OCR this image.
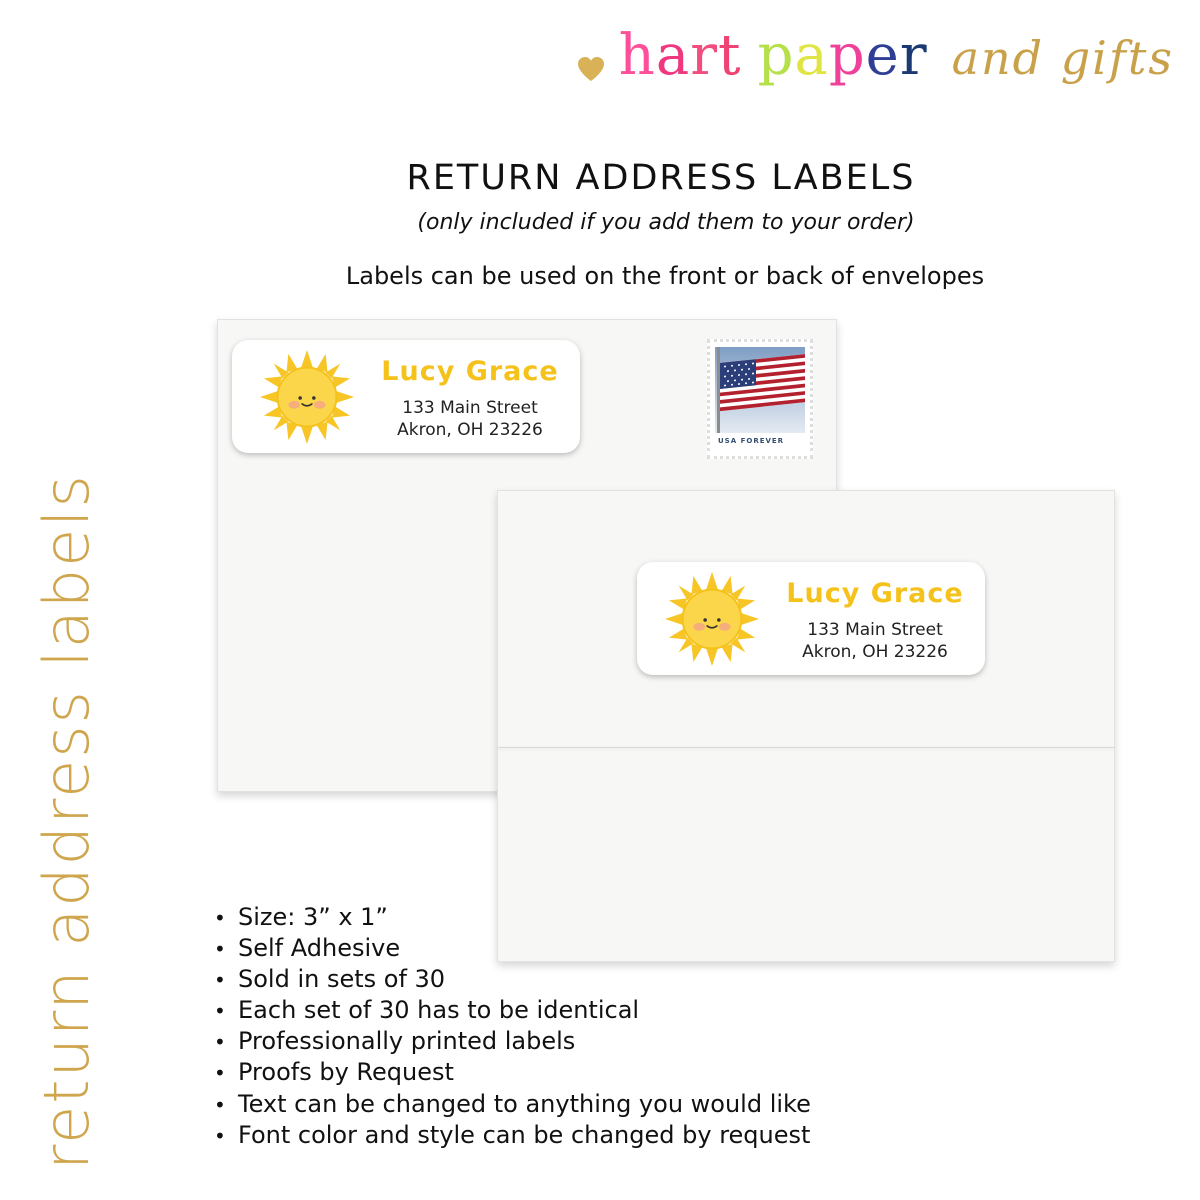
hart paper and gifts
RETURN ADDRESS LABELS
(only included if you add them to your order)
Labels can be used on the front or back of envelopes
return address labels
Lucy Grace
133 Main Street
Akron, OH 23226
USA FOREVER
Lucy Grace
133 Main Street
Akron, OH 23226
• Size: 3” x 1”
• Self Adhesive
• Sold in sets of 30
• Each set of 30 has to be identical
• Professionally printed labels
• Proofs by Request
• Text can be changed to anything you would like
• Font color and style can be changed by request
